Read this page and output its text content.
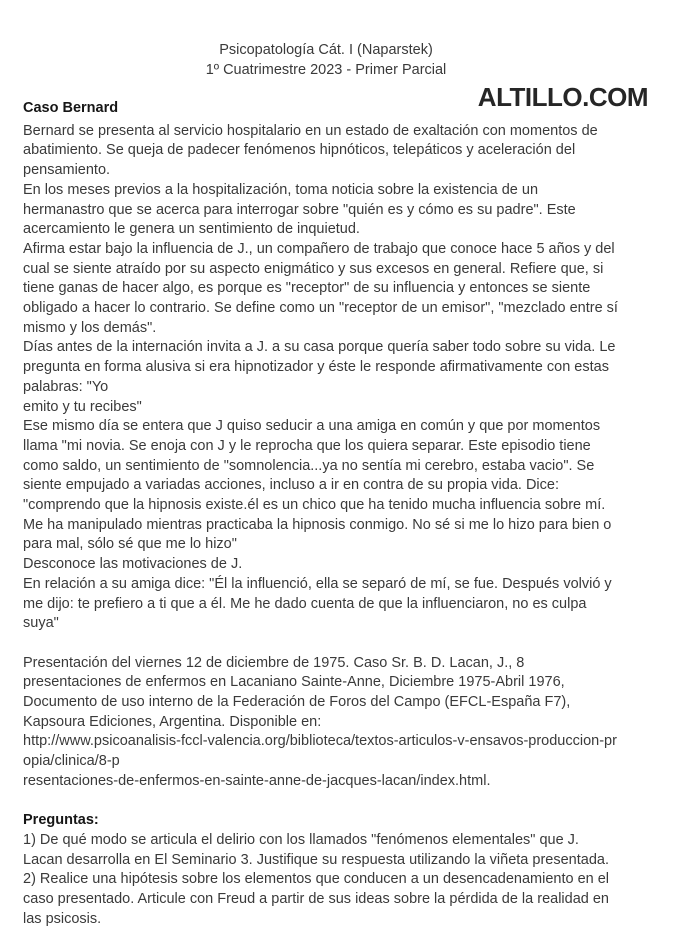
Psicopatología Cát. I (Naparstek)
1º Cuatrimestre 2023 - Primer Parcial
ALTILLO.COM
Caso Bernard
Bernard se presenta al servicio hospitalario en un estado de exaltación con momentos de
abatimiento. Se queja de padecer fenómenos hipnóticos, telepáticos y aceleración del
pensamiento.
En los meses previos a la hospitalización, toma noticia sobre la existencia de un
hermanastro que se acerca para interrogar sobre "quién es y cómo es su padre". Este
acercamiento le genera un sentimiento de inquietud.
Afirma estar bajo la influencia de J., un compañero de trabajo que conoce hace 5 años y del
cual se siente atraído por su aspecto enigmático y sus excesos en general. Refiere que, si
tiene ganas de hacer algo, es porque es "receptor" de su influencia y entonces se siente
obligado a hacer lo contrario. Se define como un "receptor de un emisor", "mezclado entre sí
mismo y los demás".
Días antes de la internación invita a J. a su casa porque quería saber todo sobre su vida. Le
pregunta en forma alusiva si era hipnotizador y éste le responde afirmativamente con estas
palabras: "Yo
emito y tu recibes"
Ese mismo día se entera que J quiso seducir a una amiga en común y que por momentos
llama "mi novia. Se enoja con J y le reprocha que los quiera separar. Este episodio tiene
como saldo, un sentimiento de "somnolencia...ya no sentía mi cerebro, estaba vacio". Se
siente empujado a variadas acciones, incluso a ir en contra de su propia vida. Dice:
"comprendo que la hipnosis existe.él es un chico que ha tenido mucha influencia sobre mí.
Me ha manipulado mientras practicaba la hipnosis conmigo. No sé si me lo hizo para bien o
para mal, sólo sé que me lo hizo"
Desconoce las motivaciones de J.
En relación a su amiga dice: "Él la influenció, ella se separó de mí, se fue. Después volvió y
me dijo: te prefiero a ti que a él. Me he dado cuenta de que la influenciaron, no es culpa
suya"
Presentación del viernes 12 de diciembre de 1975. Caso Sr. B. D. Lacan, J., 8
presentaciones de enfermos en Lacaniano Sainte-Anne, Diciembre 1975-Abril 1976,
Documento de uso interno de la Federación de Foros del Campo (EFCL-España F7),
Kapsoura Ediciones, Argentina. Disponible en:
http://www.psicoanalisis-fccl-valencia.org/biblioteca/textos-articulos-v-ensavos-produccion-pr
opia/clinica/8-p
resentaciones-de-enfermos-en-sainte-anne-de-jacques-lacan/index.html.
Preguntas:
1) De qué modo se articula el delirio con los llamados "fenómenos elementales" que J.
Lacan desarrolla en El Seminario 3. Justifique su respuesta utilizando la viñeta presentada.
2) Realice una hipótesis sobre los elementos que conducen a un desencadenamiento en el
caso presentado. Articule con Freud a partir de sus ideas sobre la pérdida de la realidad en
las psicosis.
